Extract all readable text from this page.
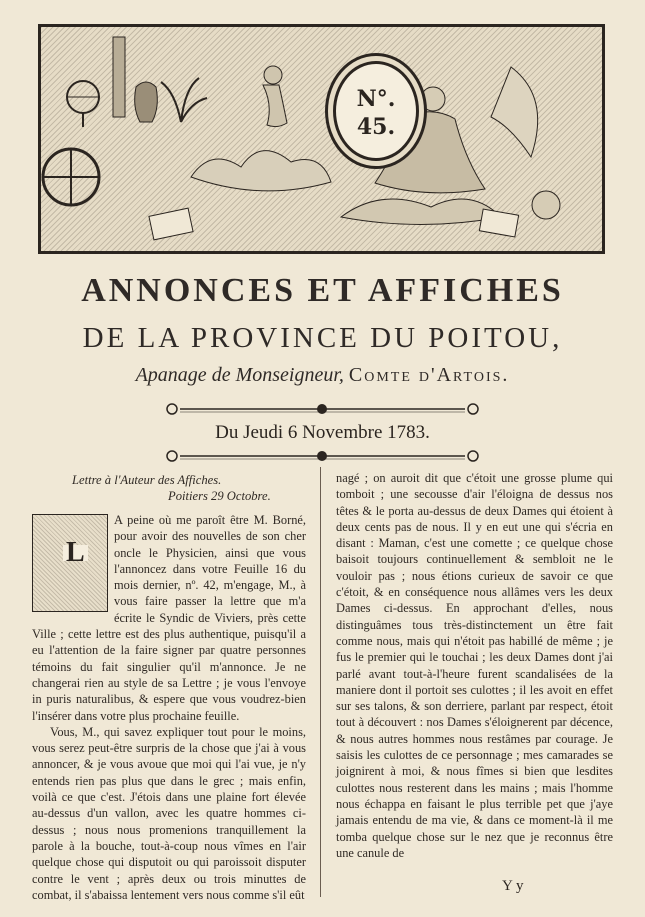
N°.
45.
ANNONCES ET AFFICHES
DE LA PROVINCE DU POITOU,
Apanage de Monseigneur, Comte d'Artois.
Du Jeudi 6 Novembre 1783.
Lettre à l'Auteur des Affiches.
Poitiers 29 Octobre.
L

A peine où me paroît être M. Borné, pour avoir des nouvelles de son cher oncle le Physicien, ainsi que vous l'annoncez dans votre Feuille 16 du mois dernier, nº. 42, m'engage, M., à vous faire passer la lettre que m'a écrite le Syndic de Viviers, près cette Ville ; cette lettre est des plus authentique, puisqu'il a eu l'attention de la faire signer par quatre personnes témoins du fait singulier qu'il m'annonce. Je ne changerai rien au style de sa Lettre ; je vous l'envoye in puris naturalibus, & espere que vous voudrez-bien l'insérer dans votre plus prochaine feuille.

Vous, M., qui savez expliquer tout pour le moins, vous serez peut-être surpris de la chose que j'ai à vous annoncer, & je vous avoue que moi qui l'ai vue, je n'y entends rien pas plus que dans le grec ; mais enfin, voilà ce que c'est. J'étois dans une plaine fort élevée au-dessus d'un vallon, avec les quatre hommes ci-dessus ; nous nous promenions tranquillement la parole à la bouche, tout-à-coup nous vîmes en l'air quelque chose qui disputoit ou qui paroissoit disputer contre le vent ; après deux ou trois minuttes de combat, il s'abaissa lentement vers nous comme s'il eût

nagé ; on auroit dit que c'étoit une grosse plume qui tomboit ; une secousse d'air l'éloigna de dessus nos têtes & le porta au-dessus de deux Dames qui étoient à deux cents pas de nous. Il y en eut une qui s'écria en disant : Maman, c'est une comette ; ce quelque chose baisoit toujours continuellement & sembloit ne le vouloir pas ; nous étions curieux de savoir ce que c'étoit, & en conséquence nous allâmes vers les deux Dames ci-dessus. En approchant d'elles, nous distinguâmes tous très-distinctement un être fait comme nous, mais qui n'étoit pas habillé de même ; je fus le premier qui le touchai ; les deux Dames dont j'ai parlé avant tout-à-l'heure furent scandalisées de la maniere dont il portoit ses culottes ; il les avoit en effet sur ses talons, & son derriere, parlant par respect, étoit tout à découvert : nos Dames s'éloignerent par décence, & nous autres hommes nous restâmes par courage. Je saisis les culottes de ce personnage ; mes camarades se joignirent à moi, & nous fîmes si bien que lesdites culottes nous resterent dans les mains ; mais l'homme nous échappa en faisant le plus terrible pet que j'aye jamais entendu de ma vie, & dans ce moment-là il me tomba quelque chose sur le nez que je reconnus être une canule de

Y y
